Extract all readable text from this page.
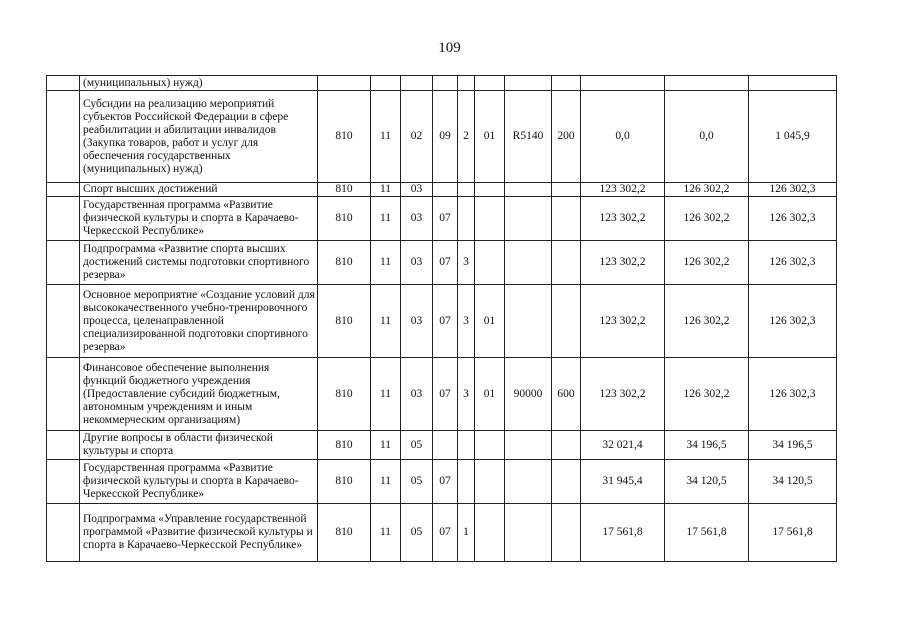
109
	(муниципальных) нужд)											
	Субсидии на реализацию мероприятий субъектов Российской Федерации в сфере реабилитации и абилитации инвалидов (Закупка товаров, работ и услуг для обеспечения государственных (муниципальных) нужд)	810	11	02	09	2	01	R5140	200	0,0	0,0	1 045,9
	Спорт высших достижений	810	11	03						123 302,2	126 302,2	126 302,3
	Государственная программа «Развитие физической культуры и спорта в Карачаево-Черкесской Республике»	810	11	03	07					123 302,2	126 302,2	126 302,3
	Подпрограмма «Развитие спорта высших достижений системы подготовки спортивного резерва»	810	11	03	07	3				123 302,2	126 302,2	126 302,3
	Основное мероприятие «Создание условий для высококачественного учебно-тренировочного процесса, целенаправленной специализированной подготовки спортивного резерва»	810	11	03	07	3	01			123 302,2	126 302,2	126 302,3
	Финансовое обеспечение выполнения функций бюджетного учреждения (Предоставление субсидий бюджетным, автономным учреждениям и иным некоммерческим организациям)	810	11	03	07	3	01	90000	600	123 302,2	126 302,2	126 302,3
	Другие вопросы в области физической культуры и спорта	810	11	05						32 021,4	34 196,5	34 196,5
	Государственная программа «Развитие физической культуры и спорта в Карачаево-Черкесской Республике»	810	11	05	07					31 945,4	34 120,5	34 120,5
	Подпрограмма «Управление государственной программой «Развитие физической культуры и спорта в Карачаево-Черкесской Республике»	810	11	05	07	1				17 561,8	17 561,8	17 561,8
